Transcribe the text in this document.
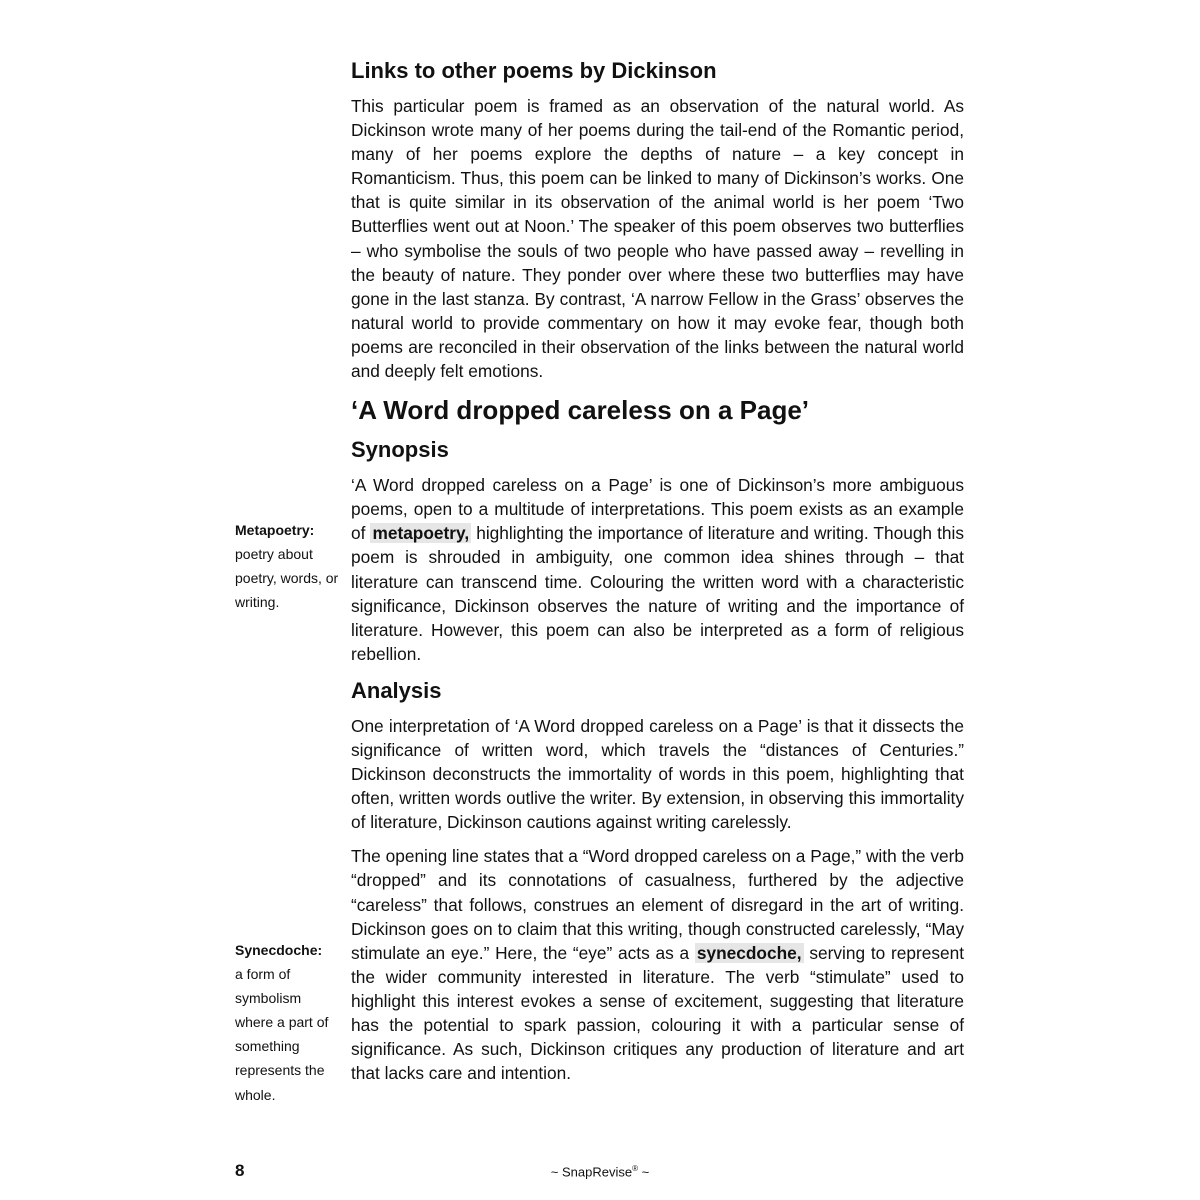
Links to other poems by Dickinson

This particular poem is framed as an observation of the natural world. As Dickinson wrote many of her poems during the tail-end of the Romantic period, many of her poems explore the depths of nature – a key concept in Romanticism. Thus, this poem can be linked to many of Dickinson’s works. One that is quite similar in its observation of the animal world is her poem ‘Two Butterflies went out at Noon.’ The speaker of this poem observes two butterflies – who symbolise the souls of two people who have passed away – revelling in the beauty of nature. They ponder over where these two butterflies may have gone in the last stanza. By contrast, ‘A narrow Fellow in the Grass’ observes the natural world to provide commentary on how it may evoke fear, though both poems are reconciled in their observation of the links between the natural world and deeply felt emotions.

‘A Word dropped careless on a Page’
Synopsis

‘A Word dropped careless on a Page’ is one of Dickinson’s more ambiguous poems, open to a multitude of interpretations. This poem exists as an example of metapoetry, highlighting the importance of literature and writing. Though this poem is shrouded in ambiguity, one common idea shines through – that literature can transcend time. Colouring the written word with a characteristic significance, Dickinson observes the nature of writing and the importance of literature. However, this poem can also be interpreted as a form of religious rebellion.

Analysis

One interpretation of ‘A Word dropped careless on a Page’ is that it dissects the significance of written word, which travels the “distances of Centuries.” Dickinson deconstructs the immortality of words in this poem, highlighting that often, written words outlive the writer. By extension, in observing this immortality of literature, Dickinson cautions against writing carelessly.

The opening line states that a “Word dropped careless on a Page,” with the verb “dropped” and its connotations of casualness, furthered by the adjective “careless” that follows, construes an element of disregard in the art of writing. Dickinson goes on to claim that this writing, though constructed carelessly, “May stimulate an eye.” Here, the “eye” acts as a synecdoche, serving to represent the wider community interested in literature. The verb “stimulate” used to highlight this interest evokes a sense of excitement, suggesting that literature has the potential to spark passion, colouring it with a particular sense of significance. As such, Dickinson critiques any production of literature and art that lacks care and intention.

Metapoetry:
poetry about poetry, words, or writing.
Synecdoche:
a form of symbolism where a part of something represents the whole.
8	~ SnapRevise® ~
